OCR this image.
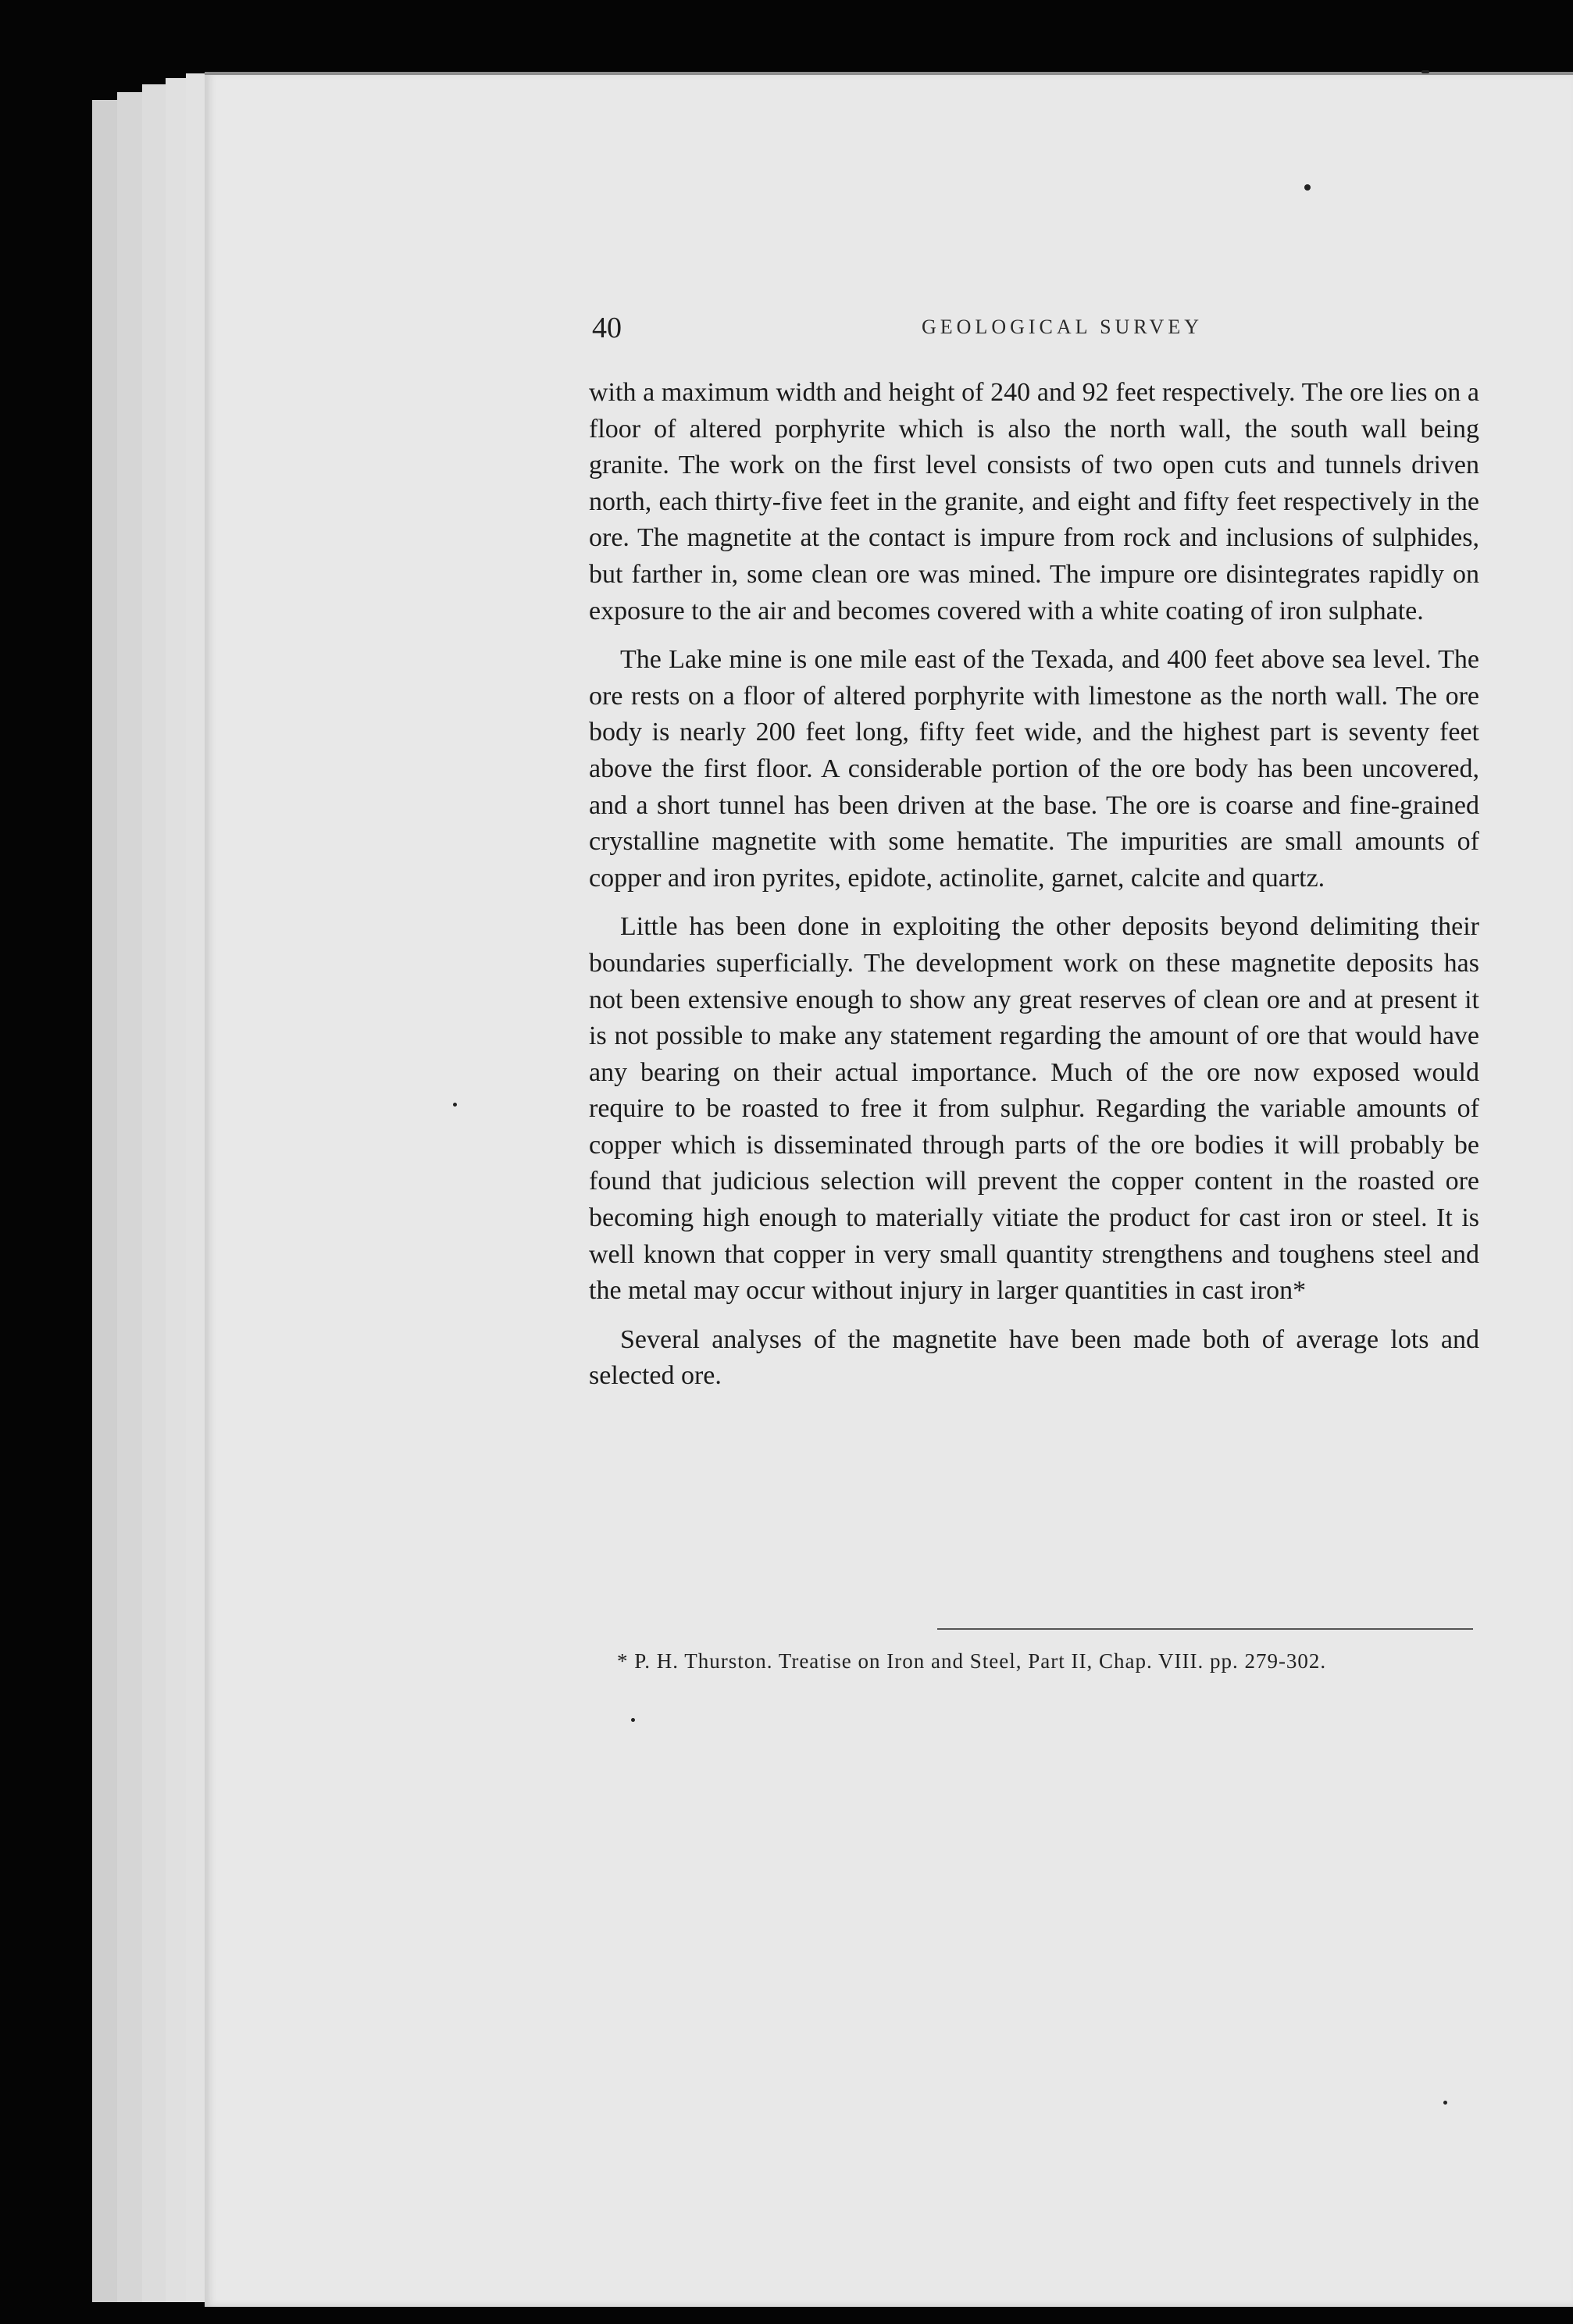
40	GEOLOGICAL SURVEY

with a maximum width and height of 240 and 92 feet respectively. The ore lies on a floor of altered porphyrite which is also the north wall, the south wall being granite. The work on the first level consists of two open cuts and tunnels driven north, each thirty-five feet in the granite, and eight and fifty feet respectively in the ore. The magnetite at the contact is impure from rock and inclusions of sulphides, but farther in, some clean ore was mined. The impure ore disintegrates rapidly on exposure to the air and becomes covered with a white coating of iron sulphate.

The Lake mine is one mile east of the Texada, and 400 feet above sea level. The ore rests on a floor of altered porphyrite with limestone as the north wall. The ore body is nearly 200 feet long, fifty feet wide, and the highest part is seventy feet above the first floor. A considerable portion of the ore body has been uncovered, and a short tunnel has been driven at the base. The ore is coarse and fine-grained crystalline magnetite with some hematite. The impurities are small amounts of copper and iron pyrites, epidote, actinolite, garnet, calcite and quartz.

Little has been done in exploiting the other deposits beyond delimiting their boundaries superficially. The development work on these magnetite deposits has not been extensive enough to show any great reserves of clean ore and at present it is not possible to make any statement regarding the amount of ore that would have any bearing on their actual importance. Much of the ore now exposed would require to be roasted to free it from sulphur. Regarding the variable amounts of copper which is disseminated through parts of the ore bodies it will probably be found that judicious selection will prevent the copper content in the roasted ore becoming high enough to materially vitiate the product for cast iron or steel. It is well known that copper in very small quantity strengthens and toughens steel and the metal may occur without injury in larger quantities in cast iron*

Several analyses of the magnetite have been made both of average lots and selected ore.

* P. H. Thurston. Treatise on Iron and Steel, Part II, Chap. VIII. pp. 279-302.
